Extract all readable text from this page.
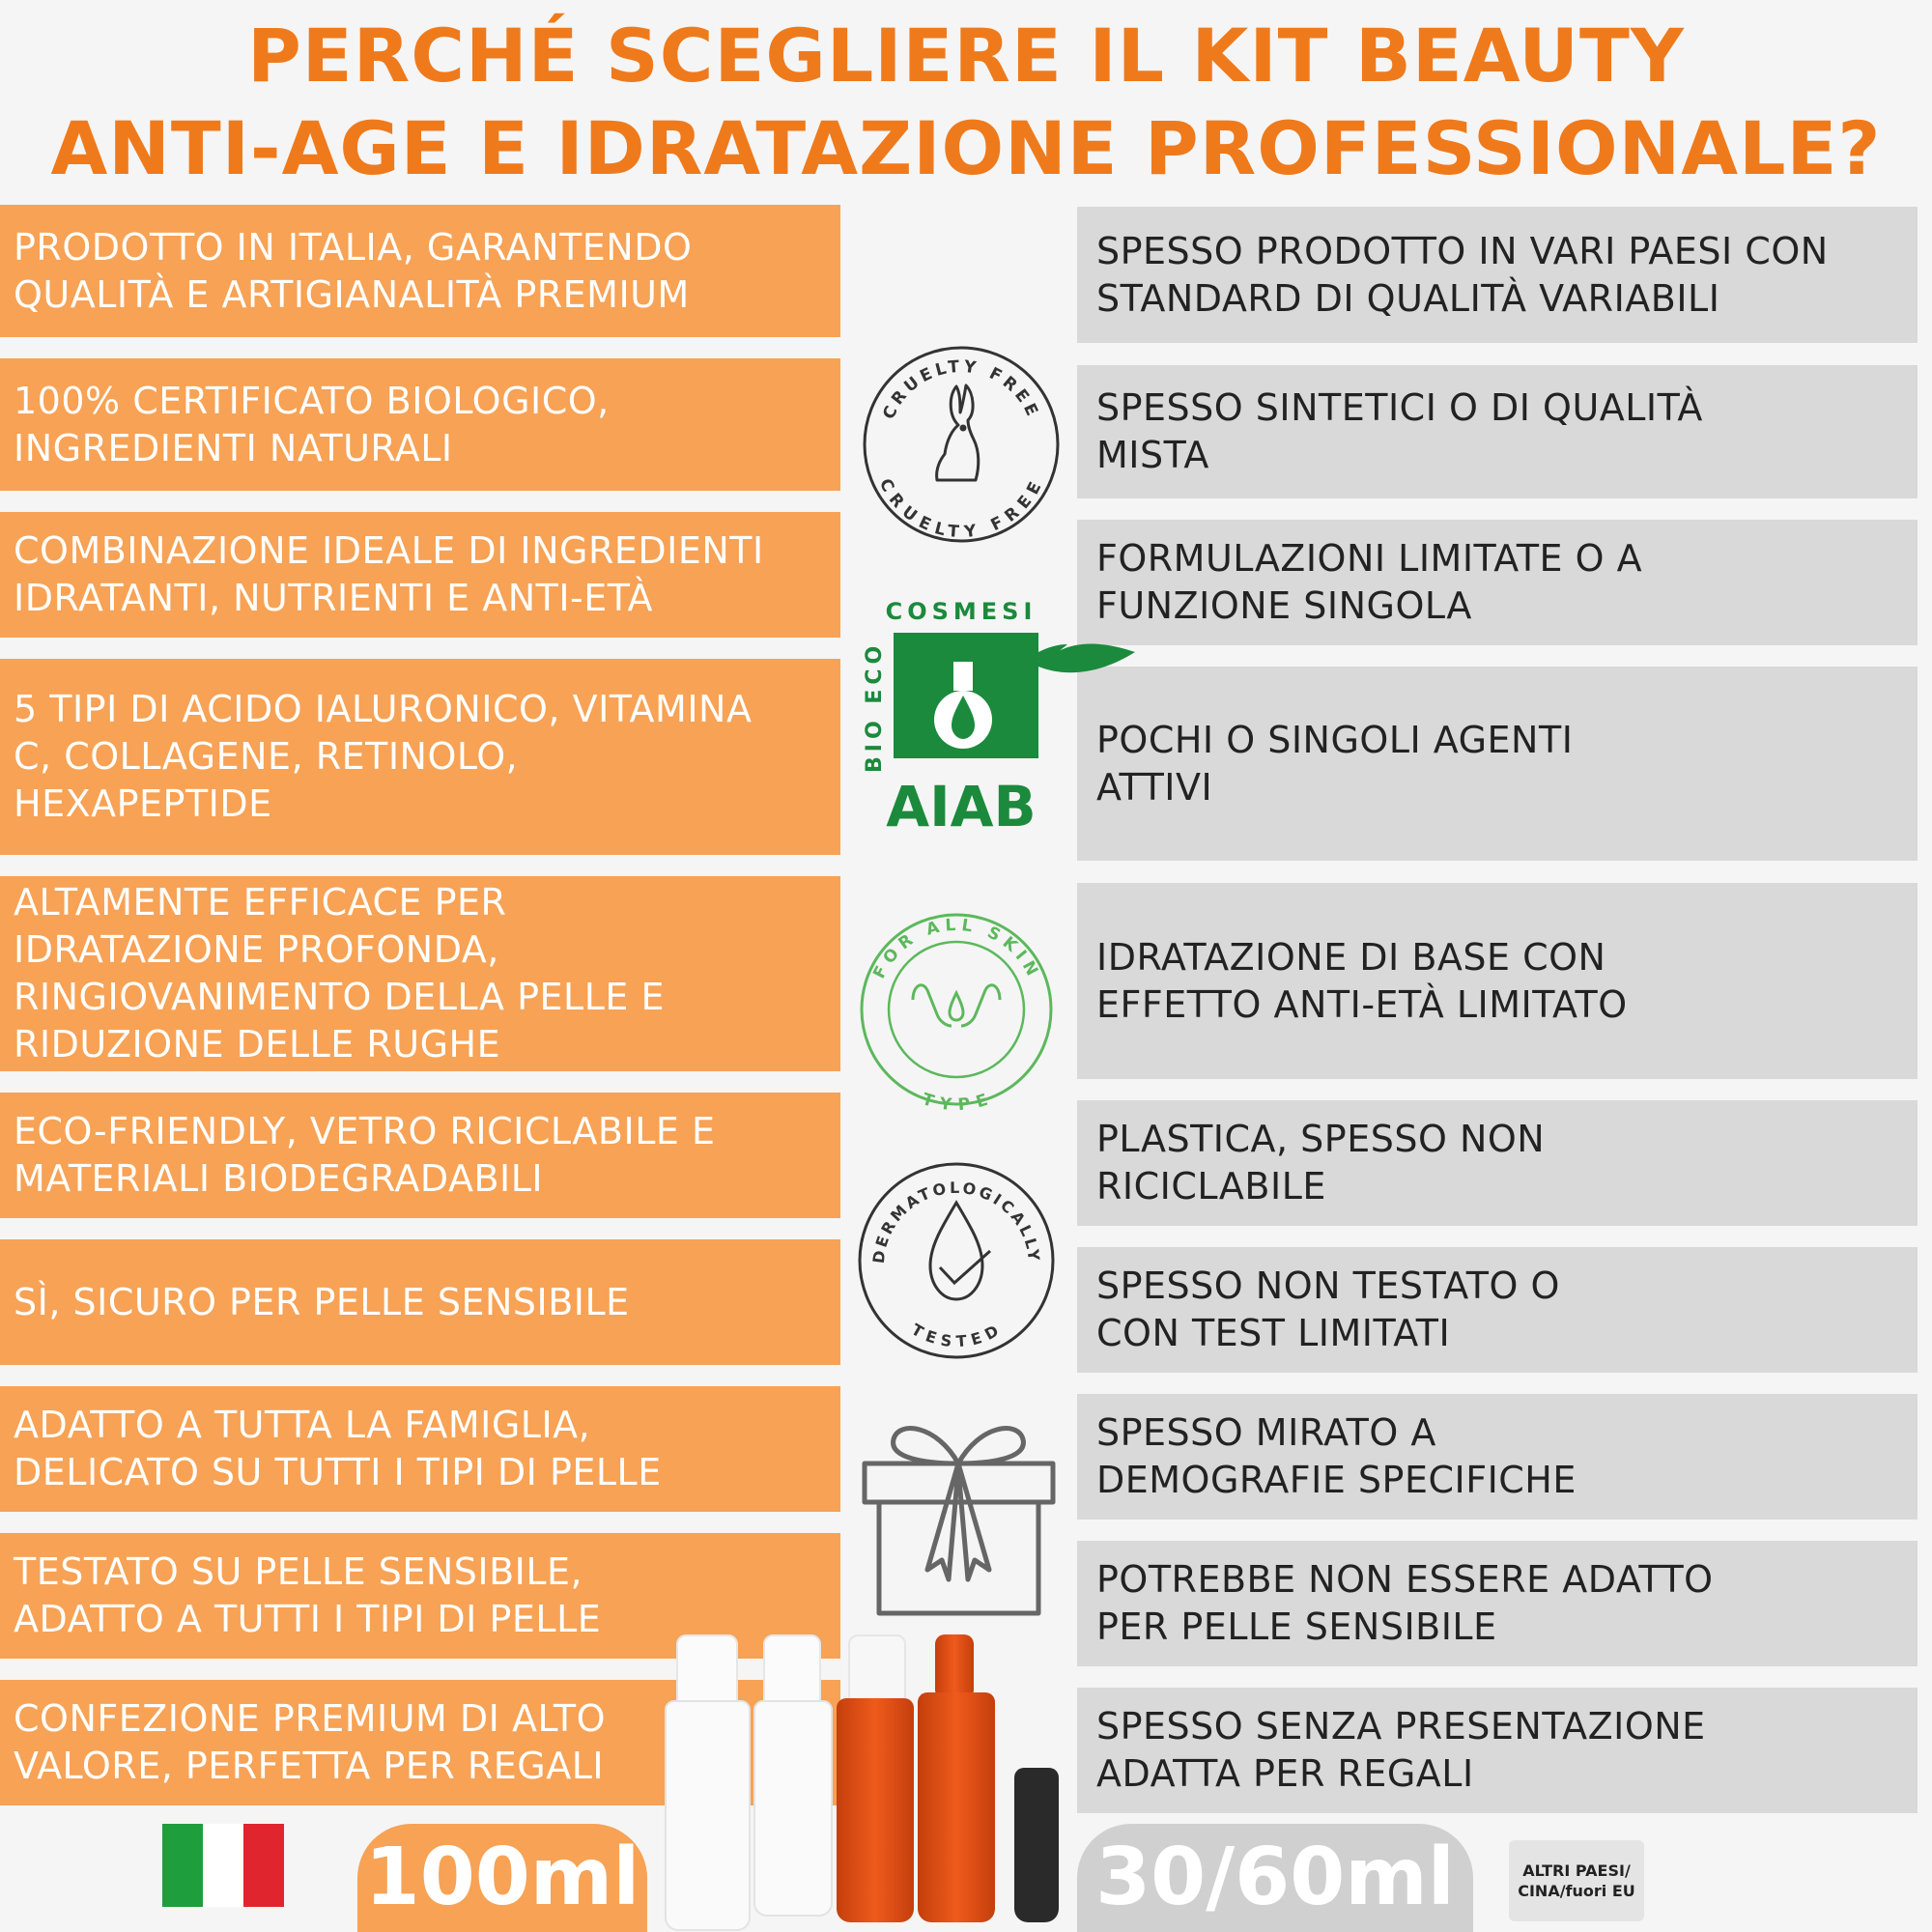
PERCHÉ SCEGLIERE IL KIT BEAUTY
ANTI-AGE E IDRATAZIONE PROFESSIONALE?
PRODOTTO IN ITALIA, GARANTENDO
QUALITÀ E ARTIGIANALITÀ PREMIUM
100% CERTIFICATO BIOLOGICO,
INGREDIENTI NATURALI
COMBINAZIONE IDEALE DI INGREDIENTI
IDRATANTI, NUTRIENTI E ANTI-ETÀ
5 TIPI DI ACIDO IALURONICO, VITAMINA
C, COLLAGENE, RETINOLO,
HEXAPEPTIDE
ALTAMENTE EFFICACE PER
IDRATAZIONE PROFONDA,
RINGIOVANIMENTO DELLA PELLE E
RIDUZIONE DELLE RUGHE
ECO-FRIENDLY, VETRO RICICLABILE E
MATERIALI BIODEGRADABILI
SÌ, SICURO PER PELLE SENSIBILE
ADATTO A TUTTA LA FAMIGLIA,
DELICATO SU TUTTI I TIPI DI PELLE
TESTATO SU PELLE SENSIBILE,
ADATTO A TUTTI I TIPI DI PELLE
CONFEZIONE PREMIUM DI ALTO
VALORE, PERFETTA PER REGALI
SPESSO PRODOTTO IN VARI PAESI CON
STANDARD DI QUALITÀ VARIABILI
SPESSO SINTETICI O DI QUALITÀ
MISTA
FORMULAZIONI LIMITATE O A
FUNZIONE SINGOLA
POCHI O SINGOLI AGENTI
ATTIVI
IDRATAZIONE DI BASE CON
EFFETTO ANTI-ETÀ LIMITATO
PLASTICA, SPESSO NON
RICICLABILE
SPESSO NON TESTATO O
CON TEST LIMITATI
SPESSO MIRATO A
DEMOGRAFIE SPECIFICHE
POTREBBE NON ESSERE ADATTO
PER PELLE SENSIBILE
SPESSO SENZA PRESENTAZIONE
ADATTA PER REGALI
CRUELTY FREE
CRUELTY FREE
COSMESI
BIO ECO
AIAB
FOR ALL SKIN
TYPE
DERMATOLOGICALLY
TESTED
100ml	30/60ml	ALTRI PAESI/
CINA/fuori EU
